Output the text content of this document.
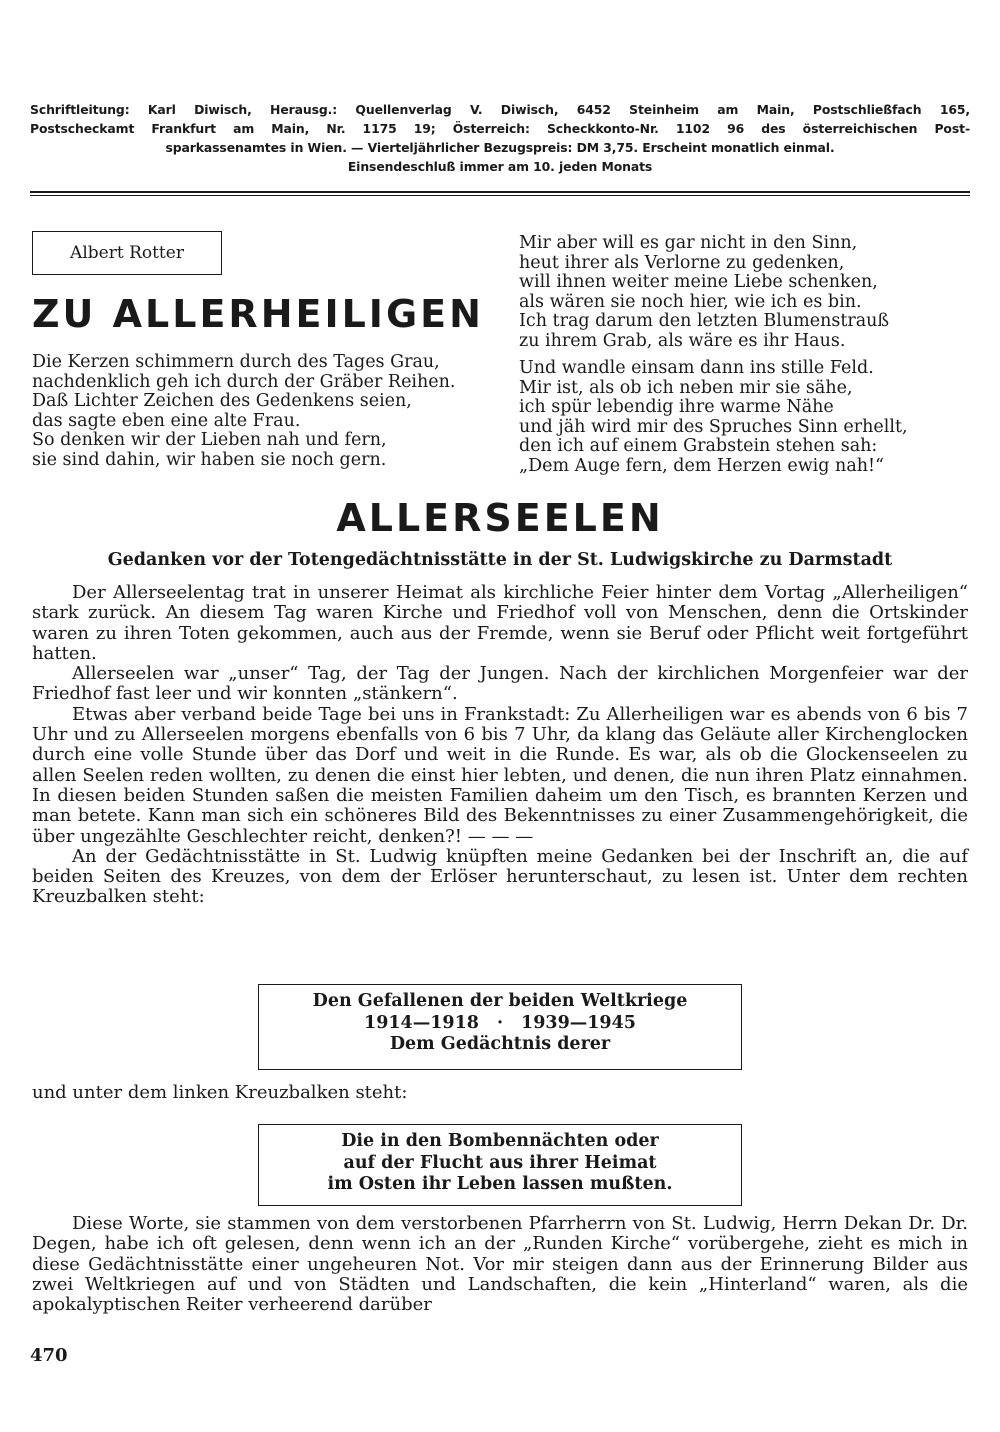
Schriftleitung: Karl Diwisch, Herausg.: Quellenverlag V. Diwisch, 6452 Steinheim am Main, Postschließfach 165,
Postscheckamt Frankfurt am Main, Nr. 1175 19; Österreich: Scheckkonto-Nr. 1102 96 des österreichischen Post-
sparkassenamtes in Wien. — Vierteljährlicher Bezugspreis: DM 3,75. Erscheint monatlich einmal.
Einsendeschluß immer am 10. jeden Monats
Albert Rotter
ZU ALLERHEILIGEN
Die Kerzen schimmern durch des Tages Grau,
nachdenklich geh ich durch der Gräber Reihen.
Daß Lichter Zeichen des Gedenkens seien,
das sagte eben eine alte Frau.
So denken wir der Lieben nah und fern,
sie sind dahin, wir haben sie noch gern.
Mir aber will es gar nicht in den Sinn,
heut ihrer als Verlorne zu gedenken,
will ihnen weiter meine Liebe schenken,
als wären sie noch hier, wie ich es bin.
Ich trag darum den letzten Blumenstrauß
zu ihrem Grab, als wäre es ihr Haus.
Und wandle einsam dann ins stille Feld.
Mir ist, als ob ich neben mir sie sähe,
ich spür lebendig ihre warme Nähe
und jäh wird mir des Spruches Sinn erhellt,
den ich auf einem Grabstein stehen sah:
„Dem Auge fern, dem Herzen ewig nah!“
ALLERSEELEN
Gedanken vor der Totengedächtnisstätte in der St. Ludwigskirche zu Darmstadt

Der Allerseelentag trat in unserer Heimat als kirchliche Feier hinter dem Vortag „Allerheiligen“ stark zurück. An diesem Tag waren Kirche und Friedhof voll von Menschen, denn die Ortskinder waren zu ihren Toten gekommen, auch aus der Fremde, wenn sie Beruf oder Pflicht weit fortgeführt hatten.

Allerseelen war „unser“ Tag, der Tag der Jungen. Nach der kirchlichen Morgenfeier war der Friedhof fast leer und wir konnten „stänkern“.

Etwas aber verband beide Tage bei uns in Frankstadt: Zu Allerheiligen war es abends von 6 bis 7 Uhr und zu Allerseelen morgens ebenfalls von 6 bis 7 Uhr, da klang das Geläute aller Kirchenglocken durch eine volle Stunde über das Dorf und weit in die Runde. Es war, als ob die Glockenseelen zu allen Seelen reden wollten, zu denen die einst hier lebten, und denen, die nun ihren Platz einnahmen. In diesen beiden Stunden saßen die meisten Familien daheim um den Tisch, es brannten Kerzen und man betete. Kann man sich ein schöneres Bild des Bekenntnisses zu einer Zusammengehörigkeit, die über ungezählte Geschlechter reicht, denken?! — — —

An der Gedächtnisstätte in St. Ludwig knüpften meine Gedanken bei der Inschrift an, die auf beiden Seiten des Kreuzes, von dem der Erlöser herunterschaut, zu lesen ist. Unter dem rechten Kreuzbalken steht:

Den Gefallenen der beiden Weltkriege
1914—1918 · 1939—1945
Dem Gedächtnis derer

und unter dem linken Kreuzbalken steht:

Die in den Bombennächten oder
auf der Flucht aus ihrer Heimat
im Osten ihr Leben lassen mußten.

Diese Worte, sie stammen von dem verstorbenen Pfarrherrn von St. Ludwig, Herrn Dekan Dr. Dr. Degen, habe ich oft gelesen, denn wenn ich an der „Runden Kirche“ vorübergehe, zieht es mich in diese Gedächtnisstätte einer ungeheuren Not. Vor mir steigen dann aus der Erinnerung Bilder aus zwei Weltkriegen auf und von Städten und Landschaften, die kein „Hinterland“ waren, als die apokalyptischen Reiter verheerend darüber

470
